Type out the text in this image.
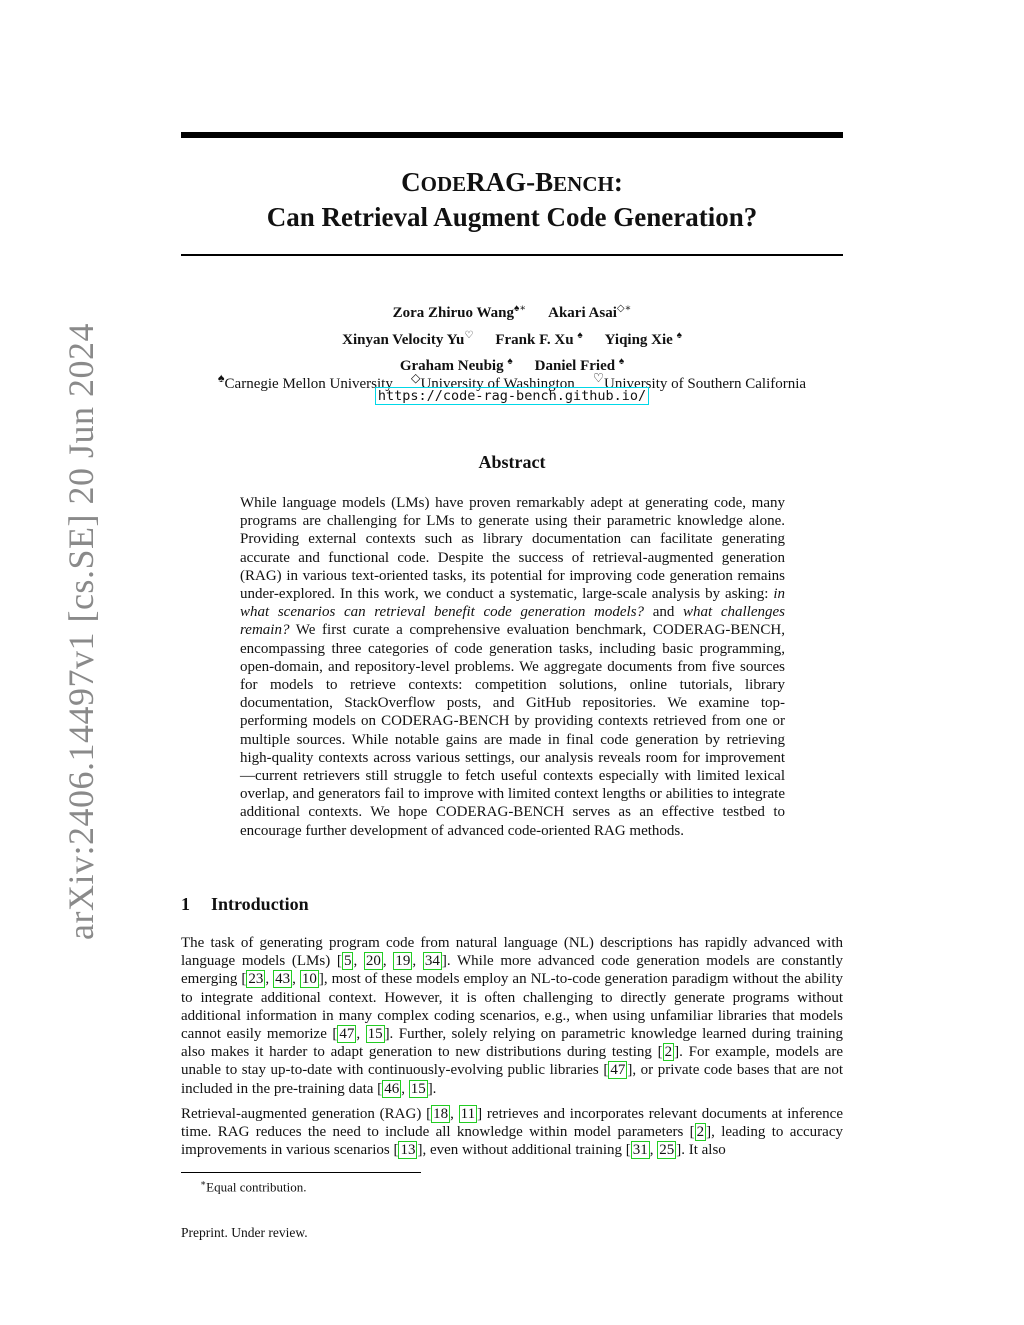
arXiv:2406.14497v1 [cs.SE] 20 Jun 2024
CODERAG-BENCH:
Can Retrieval Augment Code Generation?
Zora Zhiruo Wang♠∗ Akari Asai◇∗
Xinyan Velocity Yu♡ Frank F. Xu ♠ Yiqing Xie ♠
Graham Neubig ♠ Daniel Fried ♠
♠Carnegie Mellon University ◇University of Washington ♡University of Southern California
https://code-rag-bench.github.io/
Abstract
While language models (LMs) have proven remarkably adept at generating code, many programs are challenging for LMs to generate using their parametric knowledge alone. Providing external contexts such as library documentation can facilitate generating accurate and functional code. Despite the success of retrieval-augmented generation (RAG) in various text-oriented tasks, its potential for improving code generation remains under-explored. In this work, we conduct a systematic, large-scale analysis by asking: in what scenarios can retrieval benefit code generation models? and what challenges remain? We first curate a comprehensive evaluation benchmark, CODERAG-BENCH, encompassing three categories of code generation tasks, including basic programming, open-domain, and repository-level problems. We aggregate documents from five sources for models to retrieve contexts: competition solutions, online tutorials, library documentation, StackOverflow posts, and GitHub repositories. We examine top-performing models on CODERAG-BENCH by providing contexts retrieved from one or multiple sources. While notable gains are made in final code generation by retrieving high-quality contexts across various settings, our analysis reveals room for improvement—current retrievers still struggle to fetch useful contexts especially with limited lexical overlap, and generators fail to improve with limited context lengths or abilities to integrate additional contexts. We hope CODERAG-BENCH serves as an effective testbed to encourage further development of advanced code-oriented RAG methods.
1 Introduction

The task of generating program code from natural language (NL) descriptions has rapidly advanced with language models (LMs) [ 5 , 20 , 19 , 34 ]. While more advanced code generation models are constantly emerging [ 23 , 43 , 10 ], most of these models employ an NL-to-code generation paradigm without the ability to integrate additional context. However, it is often challenging to directly generate programs without additional information in many complex coding scenarios, e.g., when using unfamiliar libraries that models cannot easily memorize [ 47 , 15 ]. Further, solely relying on parametric knowledge learned during training also makes it harder to adapt generation to new distributions during testing [ 2 ]. For example, models are unable to stay up-to-date with continuously-evolving public libraries [ 47 ], or private code bases that are not included in the pre-training data [ 46 , 15 ].

Retrieval-augmented generation (RAG) [ 18 , 11 ] retrieves and incorporates relevant documents at inference time. RAG reduces the need to include all knowledge within model parameters [ 2 ], leading to accuracy improvements in various scenarios [ 13 ], even without additional training [ 31 , 25 ]. It also

∗Equal contribution.
Preprint. Under review.
